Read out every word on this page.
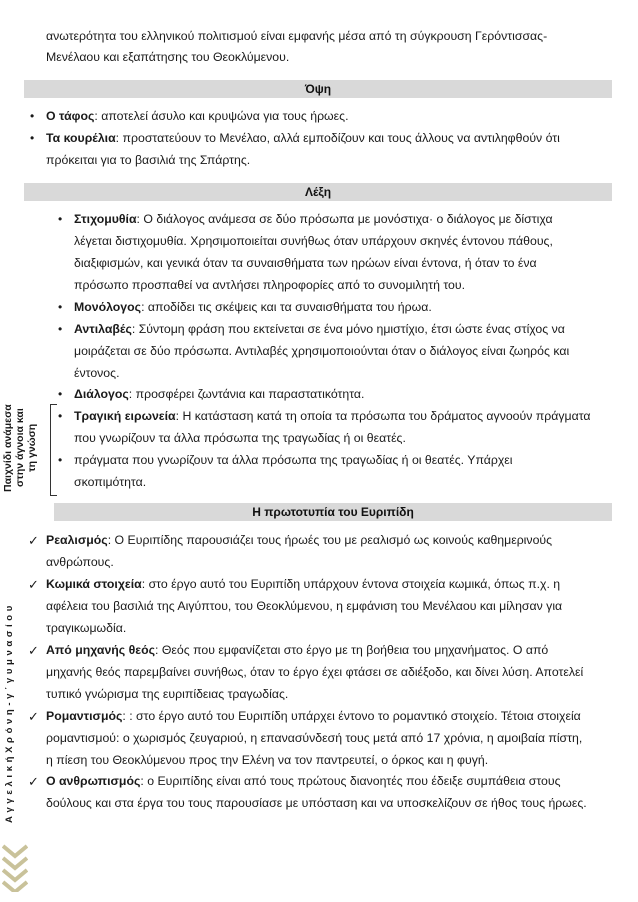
ανωτερότητα του ελληνικού πολιτισμού είναι εμφανής μέσα από τη σύγκρουση Γερόντισσας-
Μενέλαου και εξαπάτησης του Θεοκλύμενου.
Όψη
• Ο τάφος: αποτελεί άσυλο και κρυψώνα για τους ήρωες.
• Τα κουρέλια: προστατεύουν το Μενέλαο, αλλά εμποδίζουν και τους άλλους να αντιληφθούν ότι
πρόκειται για το βασιλιά της Σπάρτης.
Λέξη
• Στιχομυθία: Ο διάλογος ανάμεσα σε δύο πρόσωπα με μονόστιχα· ο διάλογος με δίστιχα
λέγεται διστιχομυθία. Χρησιμοποιείται συνήθως όταν υπάρχουν σκηνές έντονου πάθους,
διαξιφισμών, και γενικά όταν τα συναισθήματα των ηρώων είναι έντονα, ή όταν το ένα
πρόσωπο προσπαθεί να αντλήσει πληροφορίες από το συνομιλητή του.
• Μονόλογος: αποδίδει τις σκέψεις και τα συναισθήματα του ήρωα.
• Αντιλαβές: Σύντομη φράση που εκτείνεται σε ένα μόνο ημιστίχιο, έτσι ώστε ένας στίχος να
μοιράζεται σε δύο πρόσωπα. Αντιλαβές χρησιμοποιούνται όταν ο διάλογος είναι ζωηρός και
έντονος.
• Διάλογος: προσφέρει ζωντάνια και παραστατικότητα.
• Τραγική ειρωνεία: Η κατάσταση κατά τη οποία τα πρόσωπα του δράματος αγνοούν πράγματα
που γνωρίζουν τα άλλα πρόσωπα της τραγωδίας ή οι θεατές.
• πράγματα που γνωρίζουν τα άλλα πρόσωπα της τραγωδίας ή οι θεατές. Υπάρχει
σκοπιμότητα.
Παιχνίδι ανάμεσα στην άγνοια και τη γνώση
Η πρωτοτυπία του Ευριπίδη
✓ Ρεαλισμός: Ο Ευριπίδης παρουσιάζει τους ήρωές του με ρεαλισμό ως κοινούς καθημερινούς
ανθρώπους.
✓ Κωμικά στοιχεία: στο έργο αυτό του Ευριπίδη υπάρχουν έντονα στοιχεία κωμικά, όπως π.χ. η
αφέλεια του βασιλιά της Αιγύπτου, του Θεοκλύμενου, η εμφάνιση του Μενέλαου και μίλησαν για
τραγικωμωδία.
✓ Από μηχανής θεός: Θεός που εμφανίζεται στο έργο με τη βοήθεια του μηχανήματος. Ο από
μηχανής θεός παρεμβαίνει συνήθως, όταν το έργο έχει φτάσει σε αδιέξοδο, και δίνει λύση. Αποτελεί
τυπικό γνώρισμα της ευριπίδειας τραγωδίας.
✓ Ρομαντισμός: : στο έργο αυτό του Ευριπίδη υπάρχει έντονο το ρομαντικό στοιχείο. Τέτοια στοιχεία
ρομαντισμού: ο χωρισμός ζευγαριού, η επανασύνδεσή τους μετά από 17 χρόνια, η αμοιβαία πίστη,
η πίεση του Θεοκλύμενου προς την Ελένη να τον παντρευτεί, ο όρκος και η φυγή.
✓ Ο ανθρωπισμός: ο Ευριπίδης είναι από τους πρώτους διανοητές που έδειξε συμπάθεια στους
δούλους και στα έργα του τους παρουσίασε με υπόσταση και να υποσκελίζουν σε ήθος τους ήρωες.
Α γ γ ε λ ι κ ή Χ ρ ό ν η - γ ΄ γ υ μ ν α σ ί ο υ
